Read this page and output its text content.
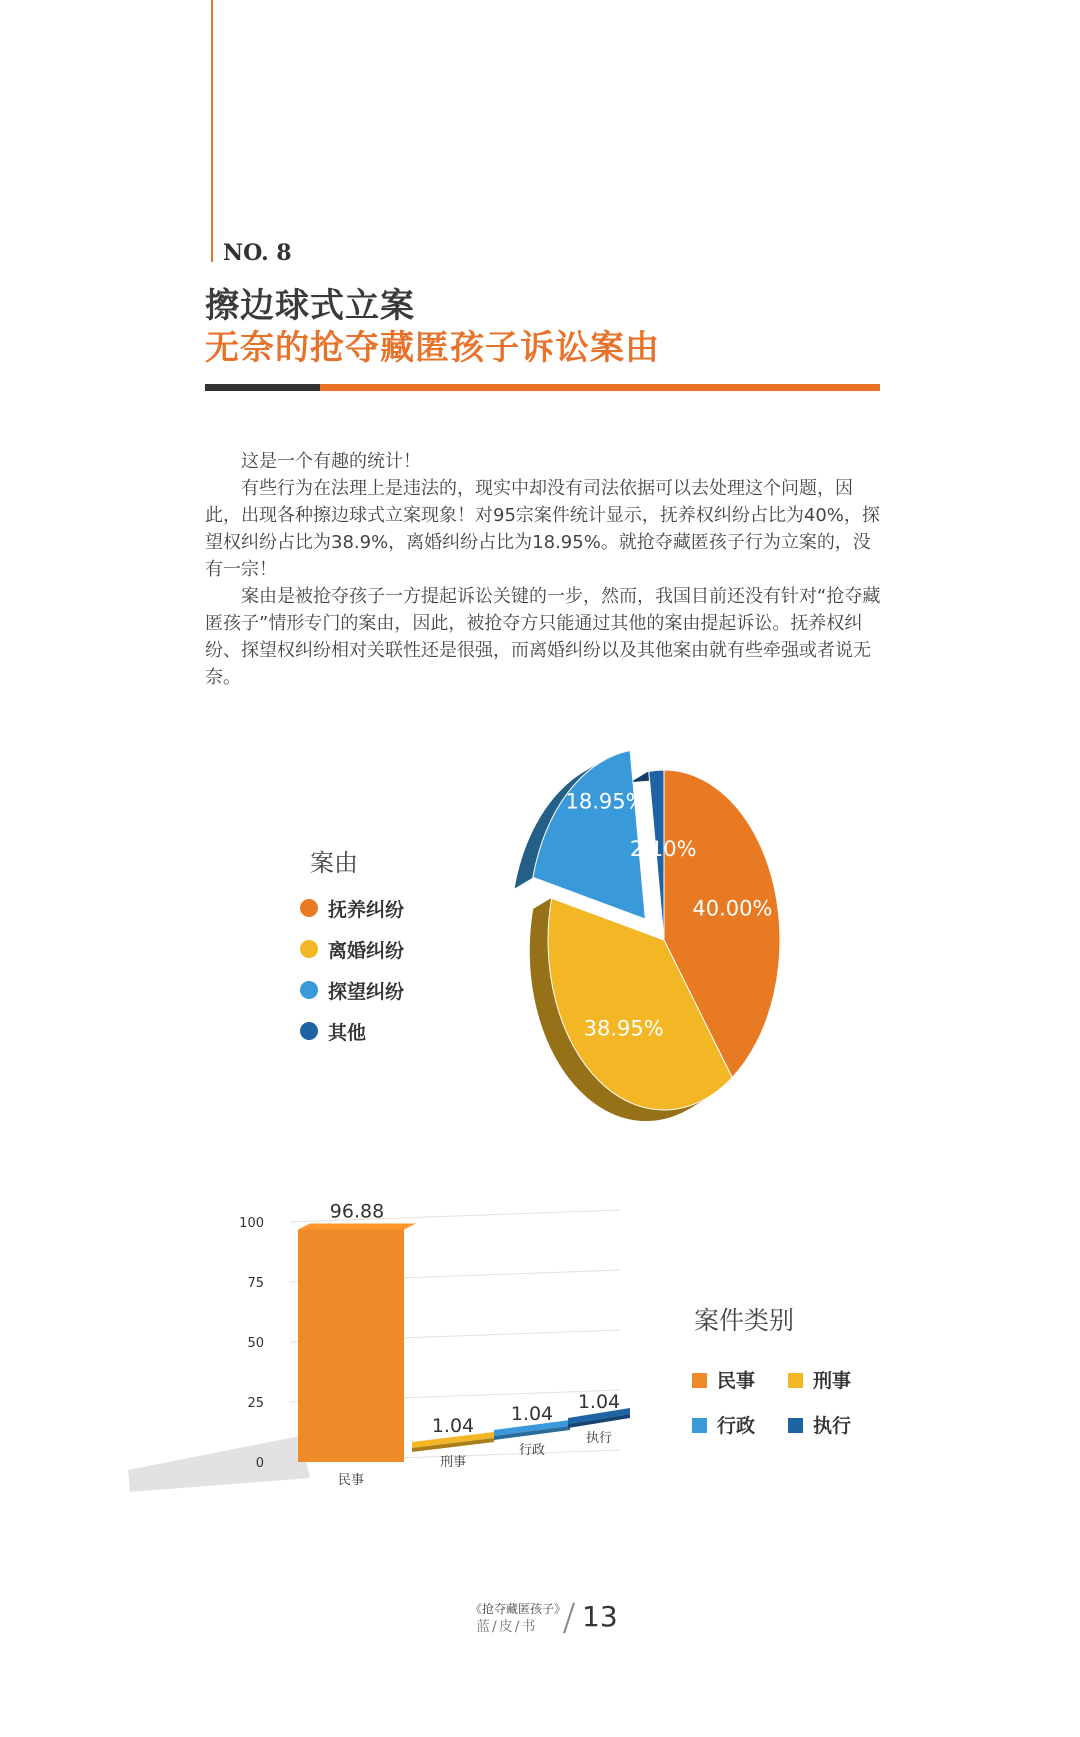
NO. 8
擦边球式立案
无奈的抢夺藏匿孩子诉讼案由

这是一个有趣的统计！

有些行为在法理上是违法的，现实中却没有司法依据可以去处理这个问题，因此，出现各种擦边球式立案现象！对95宗案件统计显示，抚养权纠纷占比为40%，探望权纠纷占比为38.9%，离婚纠纷占比为18.95%。就抢夺藏匿孩子行为立案的，没有一宗！

案由是被抢夺孩子一方提起诉讼关键的一步，然而，我国目前还没有针对“抢夺藏匿孩子”情形专门的案由，因此，被抢夺方只能通过其他的案由提起诉讼。抚养权纠纷、探望权纠纷相对关联性还是很强，而离婚纠纷以及其他案由就有些牵强或者说无奈。

案由
抚养纠纷
离婚纠纷
探望纠纷
其他
40.00%
38.95%
18.95%
2.10%
0
25
50
75
100
96.88
民事
1.04
刑事
1.04
行政
1.04
执行
案件类别
民事	刑事
行政	执行
《抢夺藏匿孩子》
蓝/皮/书 13
